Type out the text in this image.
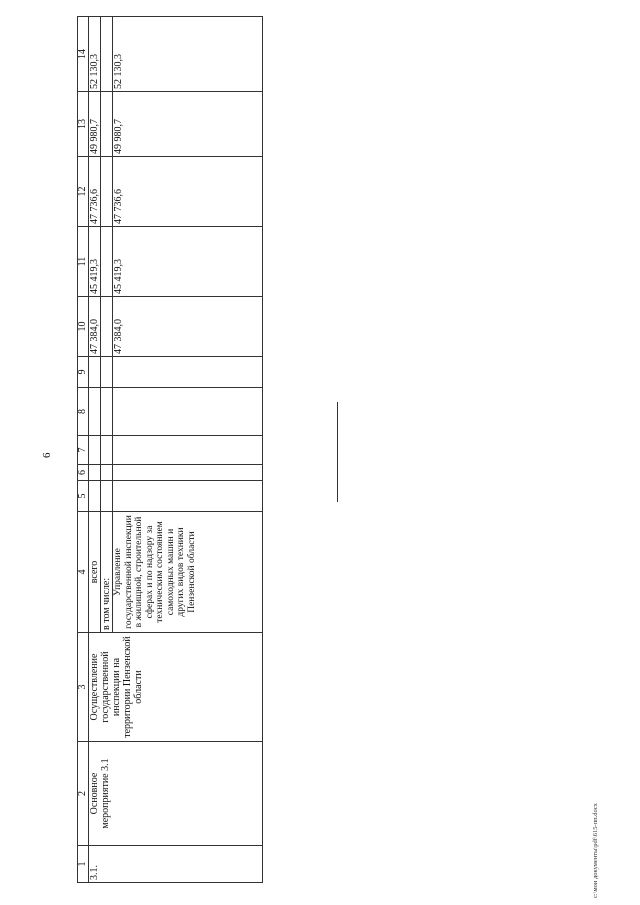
6
1	2	3	4	5	6	7	8	9	10	11	12	13	14
3.1.	Основное мероприятие 3.1	Осуществление государственной инспекции на территории Пензенской области	всего						47 384,0	45 419,3	47 736,6	49 980,7	52 130,3
			в том числе:										
			Управление государственной инспекции в жилищной, строительной сферах и по надзору за техническим состоянием самоходных машин и других видов техники Пензенской области						47 384,0	45 419,3	47 736,6	49 980,7	52 130,3
c:\мои документы\pdf\615-пп.docx
